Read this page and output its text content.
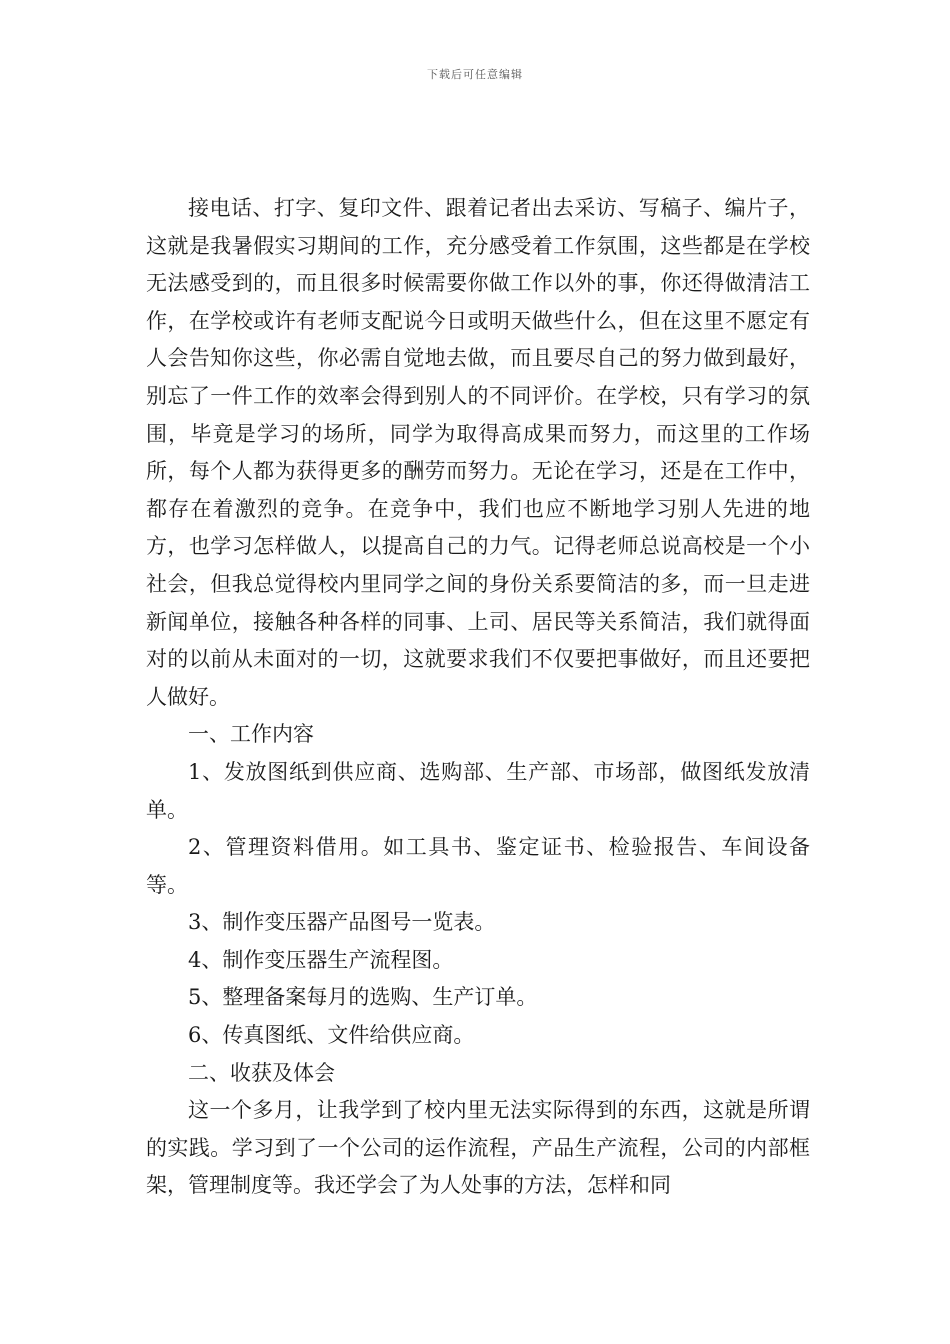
下载后可任意编辑

接电话、打字、复印文件、跟着记者出去采访、写稿子、编片子，这就是我暑假实习期间的工作，充分感受着工作氛围，这些都是在学校无法感受到的，而且很多时候需要你做工作以外的事，你还得做清洁工作，在学校或许有老师支配说今日或明天做些什么，但在这里不愿定有人会告知你这些，你必需自觉地去做，而且要尽自己的努力做到最好，别忘了一件工作的效率会得到别人的不同评价。在学校，只有学习的氛围，毕竟是学习的场所，同学为取得高成果而努力，而这里的工作场所，每个人都为获得更多的酬劳而努力。无论在学习，还是在工作中，都存在着激烈的竞争。在竞争中，我们也应不断地学习别人先进的地方，也学习怎样做人，以提高自己的力气。记得老师总说高校是一个小社会，但我总觉得校内里同学之间的身份关系要简洁的多，而一旦走进新闻单位，接触各种各样的同事、上司、居民等关系简洁，我们就得面对的以前从未面对的一切，这就要求我们不仅要把事做好，而且还要把人做好。

一、工作内容

1、发放图纸到供应商、选购部、生产部、市场部，做图纸发放清单。

2、管理资料借用。如工具书、鉴定证书、检验报告、车间设备等。

3、制作变压器产品图号一览表。

4、制作变压器生产流程图。

5、整理备案每月的选购、生产订单。

6、传真图纸、文件给供应商。

二、收获及体会

这一个多月，让我学到了校内里无法实际得到的东西，这就是所谓的实践。学习到了一个公司的运作流程，产品生产流程，公司的内部框架，管理制度等。我还学会了为人处事的方法，怎样和同
